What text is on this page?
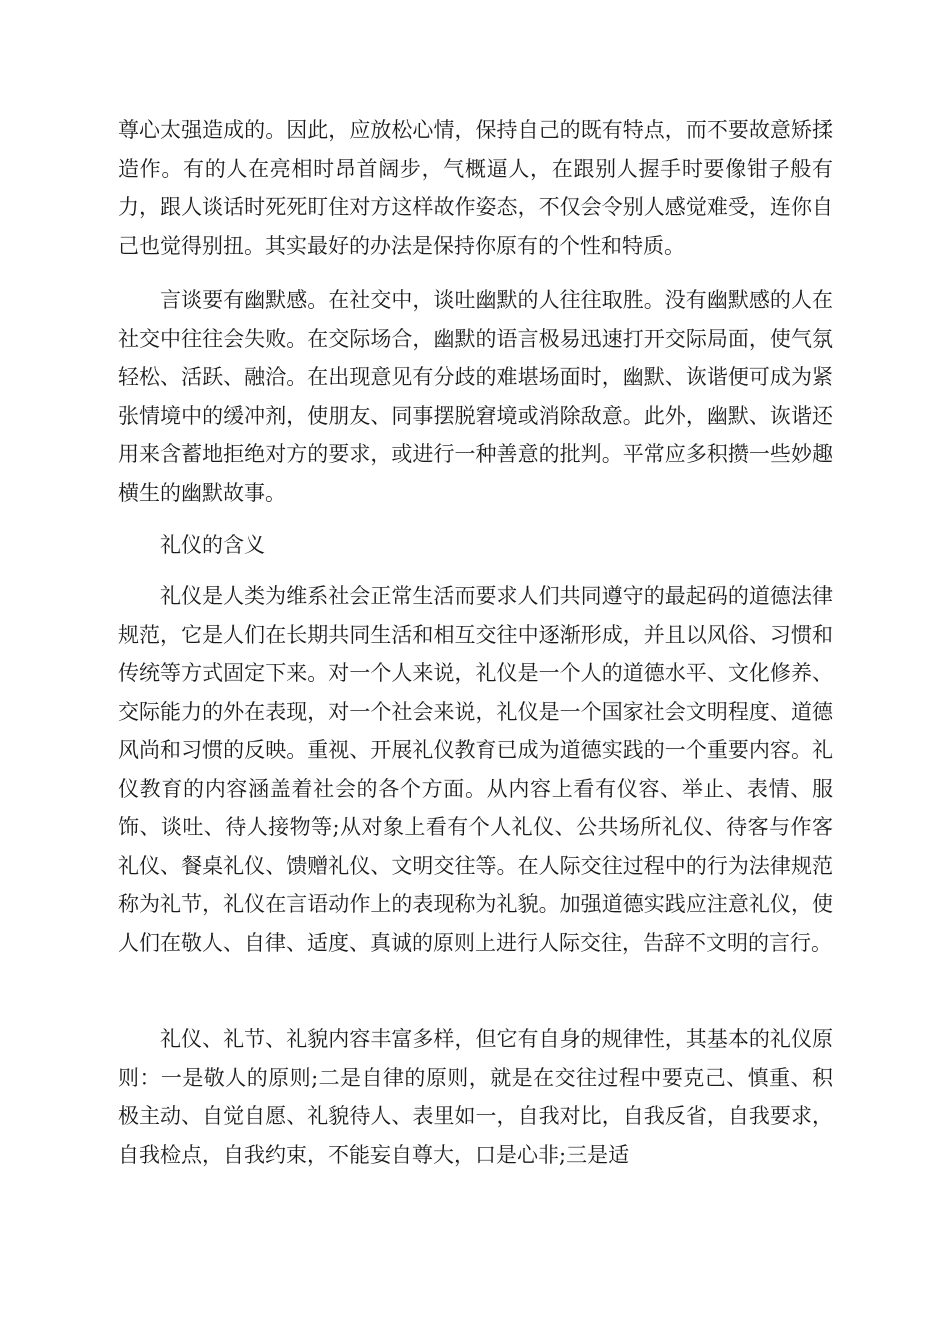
尊心太强造成的。因此，应放松心情，保持自己的既有特点，而不要故意矫揉造作。有的人在亮相时昂首阔步，气概逼人，在跟别人握手时要像钳子般有力，跟人谈话时死死盯住对方这样故作姿态，不仅会令别人感觉难受，连你自己也觉得别扭。其实最好的办法是保持你原有的个性和特质。

言谈要有幽默感。在社交中，谈吐幽默的人往往取胜。没有幽默感的人在社交中往往会失败。在交际场合，幽默的语言极易迅速打开交际局面，使气氛轻松、活跃、融洽。在出现意见有分歧的难堪场面时，幽默、诙谐便可成为紧张情境中的缓冲剂，使朋友、同事摆脱窘境或消除敌意。此外，幽默、诙谐还用来含蓄地拒绝对方的要求，或进行一种善意的批判。平常应多积攒一些妙趣横生的幽默故事。

礼仪的含义

礼仪是人类为维系社会正常生活而要求人们共同遵守的最起码的道德法律规范，它是人们在长期共同生活和相互交往中逐渐形成，并且以风俗、习惯和传统等方式固定下来。对一个人来说，礼仪是一个人的道德水平、文化修养、交际能力的外在表现，对一个社会来说，礼仪是一个国家社会文明程度、道德风尚和习惯的反映。重视、开展礼仪教育已成为道德实践的一个重要内容。礼仪教育的内容涵盖着社会的各个方面。从内容上看有仪容、举止、表情、服饰、谈吐、待人接物等;从对象上看有个人礼仪、公共场所礼仪、待客与作客礼仪、餐桌礼仪、馈赠礼仪、文明交往等。在人际交往过程中的行为法律规范称为礼节，礼仪在言语动作上的表现称为礼貌。加强道德实践应注意礼仪，使人们在敬人、自律、适度、真诚的原则上进行人际交往，告辞不文明的言行。

礼仪、礼节、礼貌内容丰富多样，但它有自身的规律性，其基本的礼仪原则：一是敬人的原则;二是自律的原则，就是在交往过程中要克己、慎重、积极主动、自觉自愿、礼貌待人、表里如一，自我对比，自我反省，自我要求，自我检点，自我约束，不能妄自尊大，口是心非;三是适
